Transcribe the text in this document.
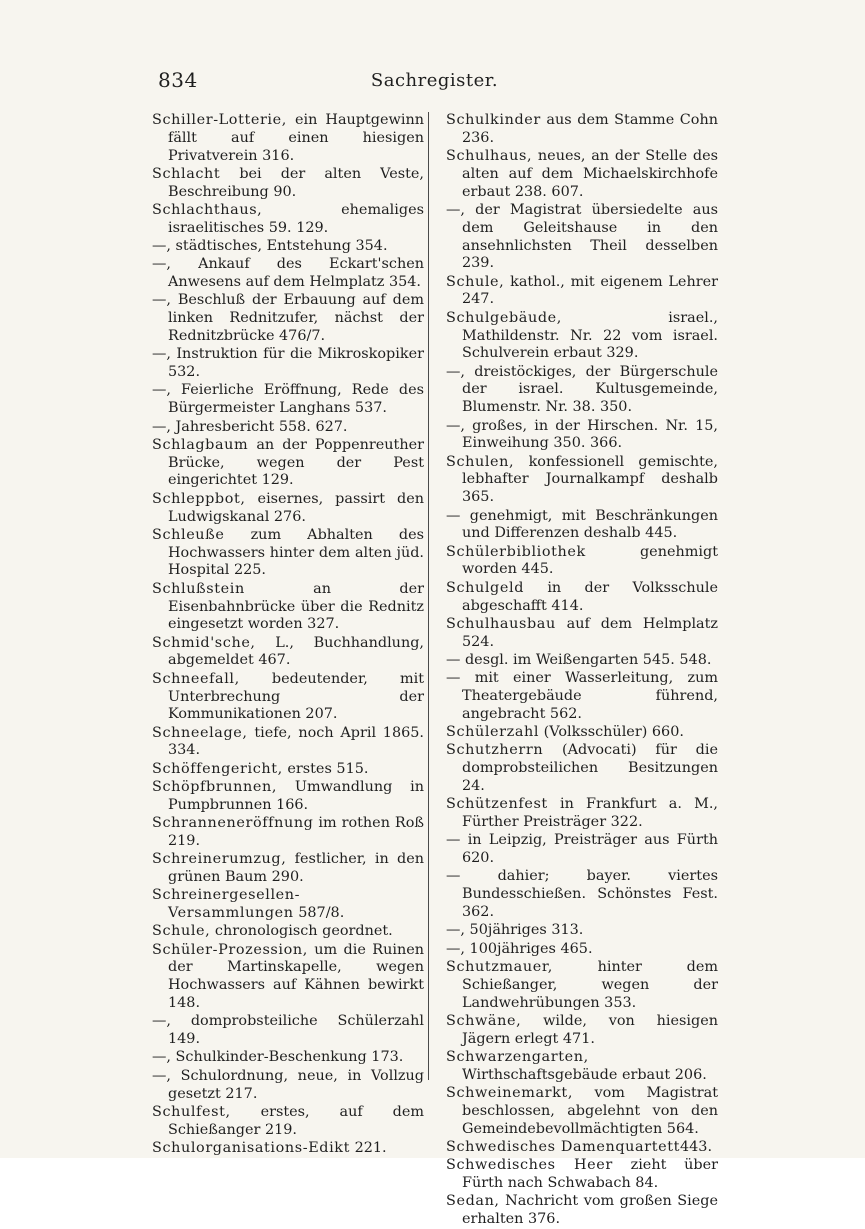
834	Sachregister.
Schiller-Lotterie, ein Hauptgewinn fällt auf einen hiesigen Privatverein 316.
Schlacht bei der alten Veste, Beschreibung 90.
Schlachthaus, ehemaliges israelitisches 59. 129.
—, städtisches, Entstehung 354.
—, Ankauf des Eckart'schen Anwesens auf dem Helmplatz 354.
—, Beschluß der Erbauung auf dem linken Rednitzufer, nächst der Rednitzbrücke 476/7.
—, Instruktion für die Mikroskopiker 532.
—, Feierliche Eröffnung, Rede des Bürgermeister Langhans 537.
—, Jahresbericht 558. 627.
Schlagbaum an der Poppenreuther Brücke, wegen der Pest eingerichtet 129.
Schleppbot, eisernes, passirt den Ludwigskanal 276.
Schleuße zum Abhalten des Hochwassers hinter dem alten jüd. Hospital 225.
Schlußstein an der Eisenbahnbrücke über die Rednitz eingesetzt worden 327.
Schmid'sche, L., Buchhandlung, abgemeldet 467.
Schneefall, bedeutender, mit Unterbrechung der Kommunikationen 207.
Schneelage, tiefe, noch April 1865. 334.
Schöffengericht, erstes 515.
Schöpfbrunnen, Umwandlung in Pumpbrunnen 166.
Schranneneröffnung im rothen Roß 219.
Schreinerumzug, festlicher, in den grünen Baum 290.
Schreinergesellen-Versammlungen 587/8.
Schule, chronologisch geordnet.
Schüler-Prozession, um die Ruinen der Martinskapelle, wegen Hochwassers auf Kähnen bewirkt 148.
—, domprobsteiliche Schülerzahl 149.
—, Schulkinder-Beschenkung 173.
—, Schulordnung, neue, in Vollzug gesetzt 217.
Schulfest, erstes, auf dem Schießanger 219.
Schulorganisations-Edikt 221.
Schulkinder aus dem Stamme Cohn 236.
Schulhaus, neues, an der Stelle des alten auf dem Michaelskirchhofe erbaut 238. 607.
—, der Magistrat übersiedelte aus dem Geleitshause in den ansehnlichsten Theil desselben 239.
Schule, kathol., mit eigenem Lehrer 247.
Schulgebäude, israel., Mathildenstr. Nr. 22 vom israel. Schulverein erbaut 329.
—, dreistöckiges, der Bürgerschule der israel. Kultusgemeinde, Blumenstr. Nr. 38. 350.
—, großes, in der Hirschen. Nr. 15, Einweihung 350. 366.
Schulen, konfessionell gemischte, lebhafter Journalkampf deshalb 365.
— genehmigt, mit Beschränkungen und Differenzen deshalb 445.
Schülerbibliothek genehmigt worden 445.
Schulgeld in der Volksschule abgeschafft 414.
Schulhausbau auf dem Helmplatz 524.
— desgl. im Weißengarten 545. 548.
— mit einer Wasserleitung, zum Theatergebäude führend, angebracht 562.
Schülerzahl (Volksschüler) 660.
Schutzherrn (Advocati) für die domprobsteilichen Besitzungen 24.
Schützenfest in Frankfurt a. M., Fürther Preisträger 322.
— in Leipzig, Preisträger aus Fürth 620.
— dahier; bayer. viertes Bundesschießen. Schönstes Fest. 362.
—, 50jähriges 313.
—, 100jähriges 465.
Schutzmauer, hinter dem Schießanger, wegen der Landwehrübungen 353.
Schwäne, wilde, von hiesigen Jägern erlegt 471.
Schwarzengarten, Wirthschaftsgebäude erbaut 206.
Schweinemarkt, vom Magistrat beschlossen, abgelehnt von den Gemeindebevollmächtigten 564.
Schwedisches Damenquartett443.
Schwedisches Heer zieht über Fürth nach Schwabach 84.
Sedan, Nachricht vom großen Siege erhalten 376.
